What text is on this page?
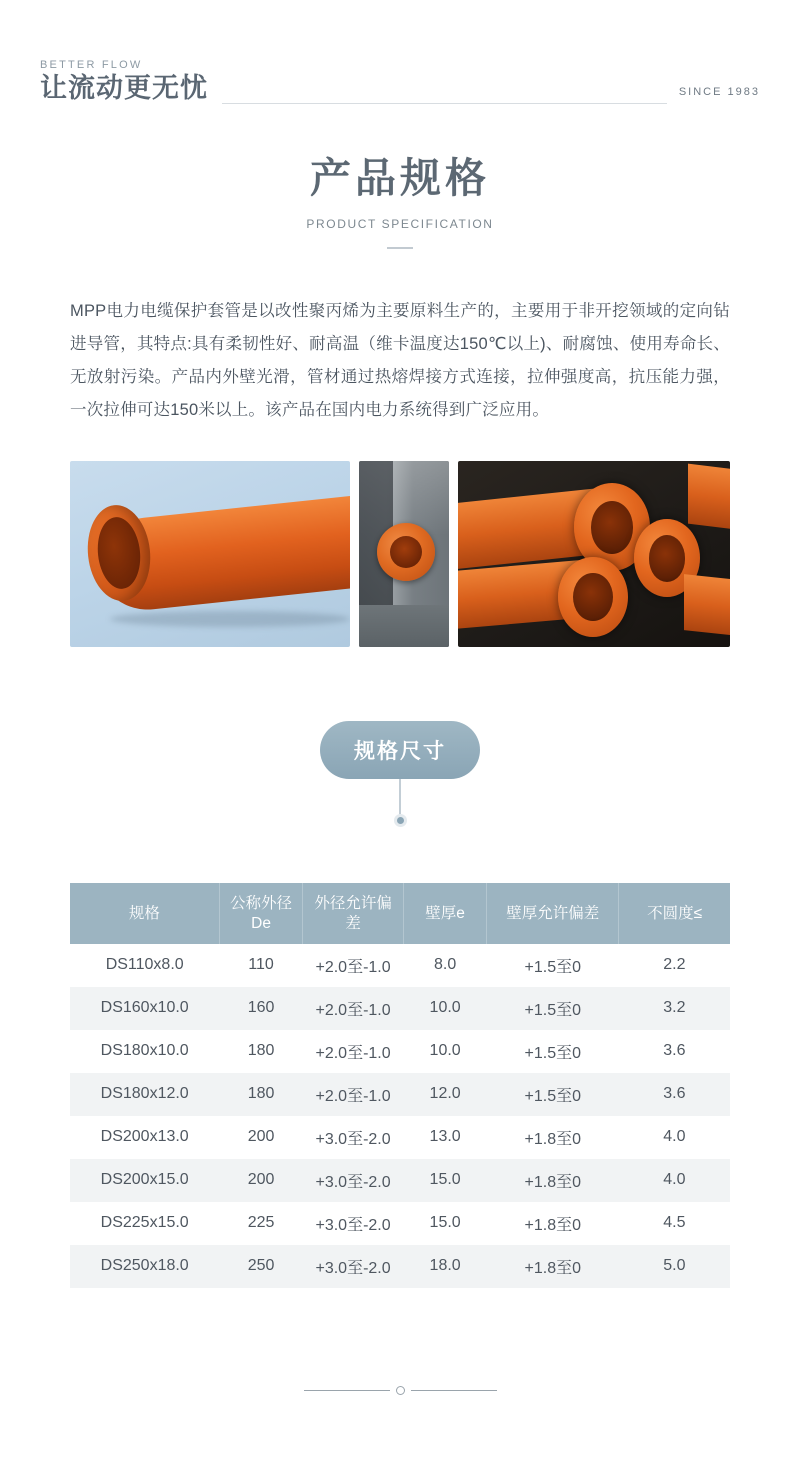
BETTER FLOW
让流动更无忧	SINCE 1983
产品规格
PRODUCT SPECIFICATION

MPP电力电缆保护套管是以改性聚丙烯为主要原料生产的，主要用于非开挖领域的定向钻进导管，其特点:具有柔韧性好、耐高温（维卡温度达150℃以上)、耐腐蚀、使用寿命长、无放射污染。产品内外壁光滑，管材通过热熔焊接方式连接，拉伸强度高，抗压能力强，一次拉伸可达150米以上。该产品在国内电力系统得到广泛应用。

规格尺寸
规格	公称外径De	外径允许偏差	壁厚e	壁厚允许偏差	不圆度≤
DS110x8.0	110	+2.0至-1.0	8.0	+1.5至0	2.2
DS160x10.0	160	+2.0至-1.0	10.0	+1.5至0	3.2
DS180x10.0	180	+2.0至-1.0	10.0	+1.5至0	3.6
DS180x12.0	180	+2.0至-1.0	12.0	+1.5至0	3.6
DS200x13.0	200	+3.0至-2.0	13.0	+1.8至0	4.0
DS200x15.0	200	+3.0至-2.0	15.0	+1.8至0	4.0
DS225x15.0	225	+3.0至-2.0	15.0	+1.8至0	4.5
DS250x18.0	250	+3.0至-2.0	18.0	+1.8至0	5.0
